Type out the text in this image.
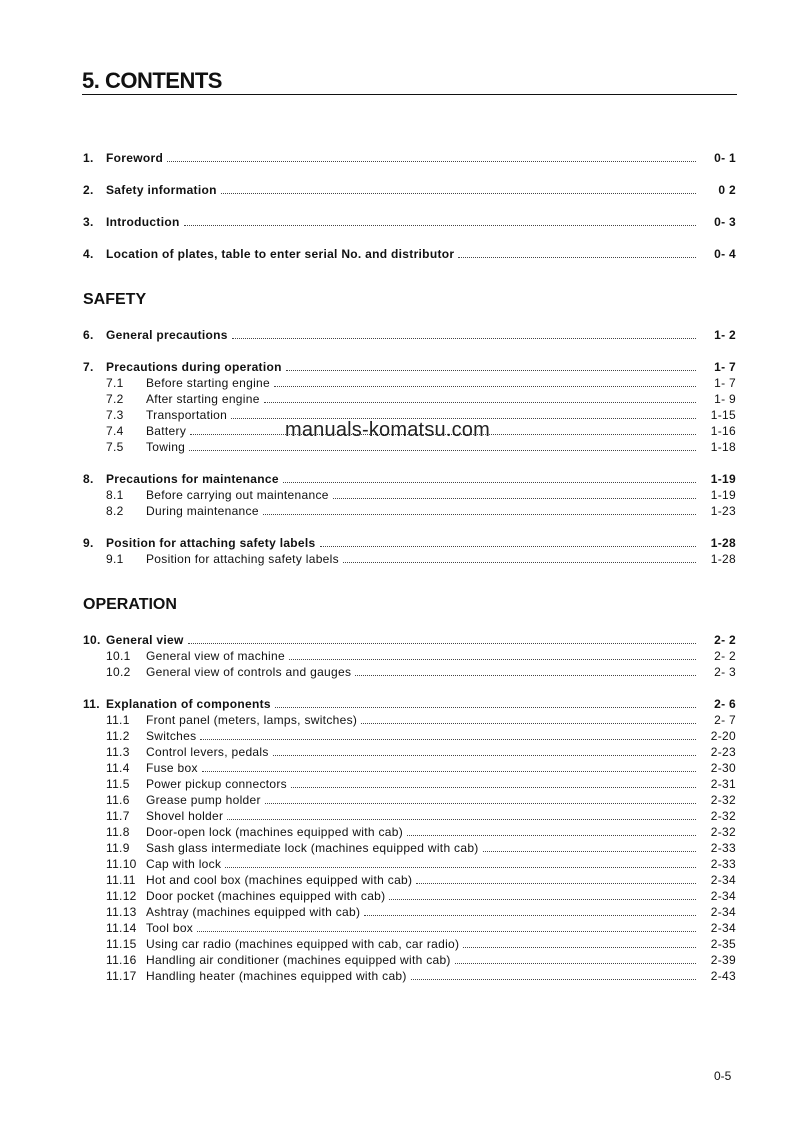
5. CONTENTS
1.	Foreword	0- 1
2.	Safety information	0 2
3.	Introduction	0- 3
4.	Location of plates, table to enter serial No. and distributor	0- 4
SAFETY
6.	General precautions	1- 2
7.	Precautions during operation	1- 7
7.1	Before starting engine	1- 7
7.2	After starting engine	1- 9
7.3	Transportation	1-15
7.4	Battery	1-16
7.5	Towing	1-18
8.	Precautions for maintenance	1-19
8.1	Before carrying out maintenance	1-19
8.2	During maintenance	1-23
9.	Position for attaching safety labels	1-28
9.1	Position for attaching safety labels	1-28
OPERATION
10. General view	2- 2
10.1	General view of machine	2- 2
10.2	General view of controls and gauges	2- 3
11. Explanation of components	2- 6
11.1	Front panel (meters, lamps, switches)	2- 7
11.2	Switches	2-20
11.3	Control levers, pedals	2-23
11.4	Fuse box	2-30
11.5	Power pickup connectors	2-31
11.6	Grease pump holder	2-32
11.7	Shovel holder	2-32
11.8	Door-open lock (machines equipped with cab)	2-32
11.9	Sash glass intermediate lock (machines equipped with cab)	2-33
11.10 Cap with lock	2-33
11.11 Hot and cool box (machines equipped with cab)	2-34
11.12 Door pocket (machines equipped with cab)	2-34
11.13 Ashtray (machines equipped with cab)	2-34
11.14 Tool box	2-34
11.15 Using car radio (machines equipped with cab, car radio)	2-35
11.16 Handling air conditioner (machines equipped with cab)	2-39
11.17 Handling heater (machines equipped with cab)	2-43
manuals-komatsu.com
0-5
